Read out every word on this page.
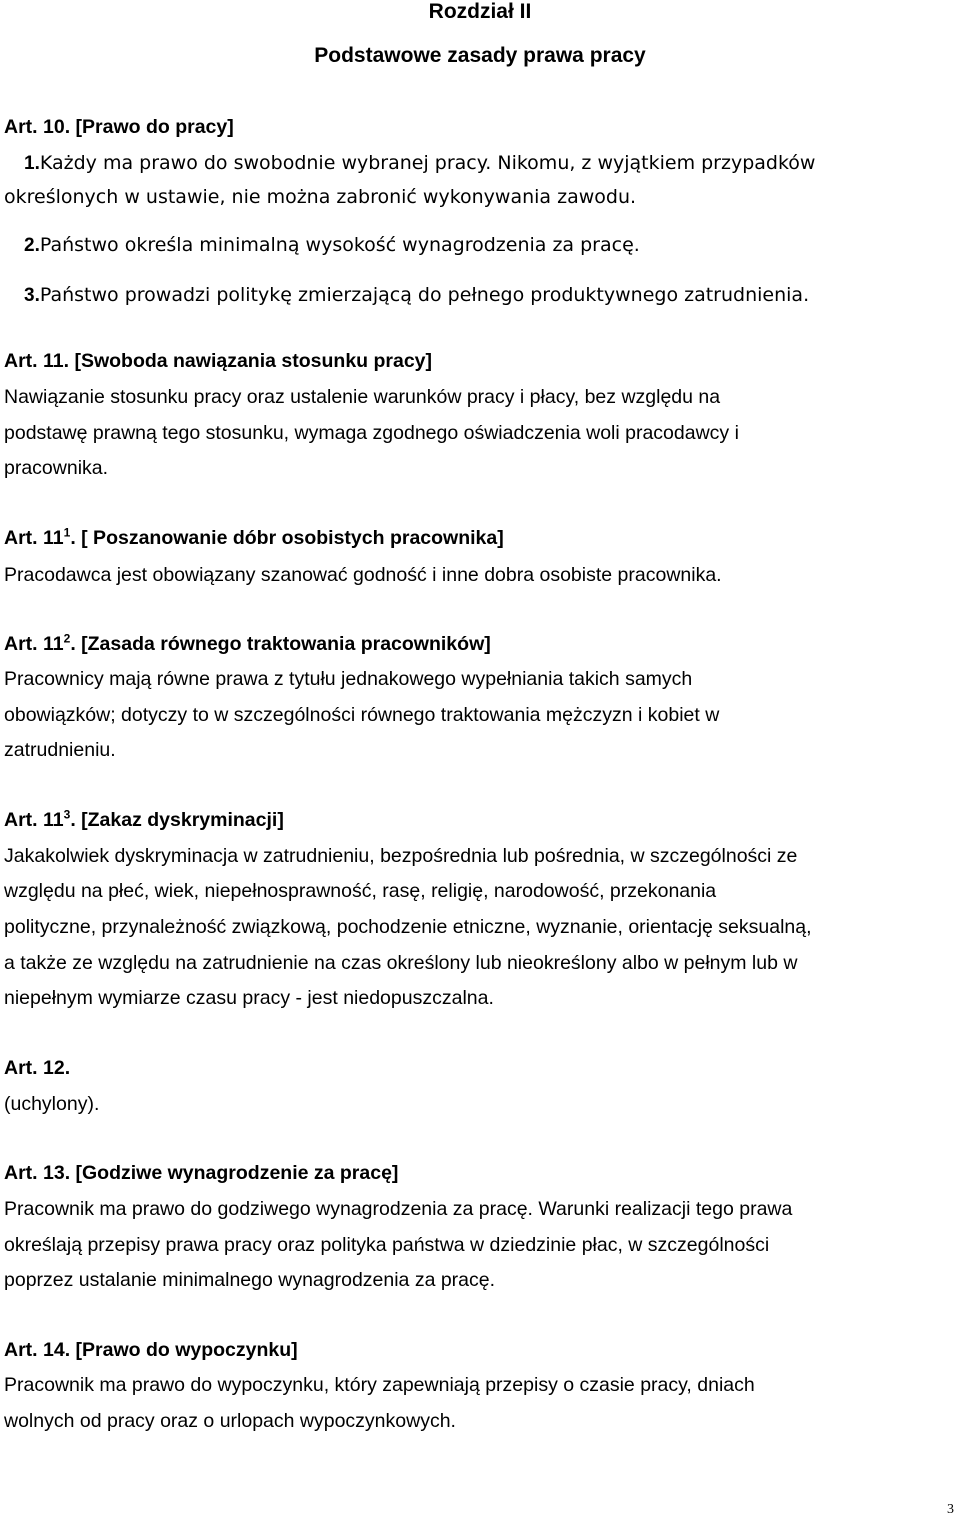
Rozdział II
Podstawowe zasady prawa pracy
Art. 10. [Prawo do pracy]
1.Każdy ma prawo do swobodnie wybranej pracy. Nikomu, z wyjątkiem przypadków
określonych w ustawie, nie można zabronić wykonywania zawodu.
2.Państwo określa minimalną wysokość wynagrodzenia za pracę.
3.Państwo prowadzi politykę zmierzającą do pełnego produktywnego zatrudnienia.
Art. 11. [Swoboda nawiązania stosunku pracy]
Nawiązanie stosunku pracy oraz ustalenie warunków pracy i płacy, bez względu na
podstawę prawną tego stosunku, wymaga zgodnego oświadczenia woli pracodawcy i
pracownika.
Art. $11^1$. [ Poszanowanie dóbr osobistych pracownika]
Pracodawca jest obowiązany szanować godność i inne dobra osobiste pracownika.
Art. $11^2$. [Zasada równego traktowania pracowników]
Pracownicy mają równe prawa z tytułu jednakowego wypełniania takich samych
obowiązków; dotyczy to w szczególności równego traktowania mężczyzn i kobiet w
zatrudnieniu.
Art. $11^3$. [Zakaz dyskryminacji]
Jakakolwiek dyskryminacja w zatrudnieniu, bezpośrednia lub pośrednia, w szczególności ze
względu na płeć, wiek, niepełnosprawność, rasę, religię, narodowość, przekonania
polityczne, przynależność związkową, pochodzenie etniczne, wyznanie, orientację seksualną,
a także ze względu na zatrudnienie na czas określony lub nieokreślony albo w pełnym lub w
niepełnym wymiarze czasu pracy - jest niedopuszczalna.
Art. 12.
(uchylony).
Art. 13. [Godziwe wynagrodzenie za pracę]
Pracownik ma prawo do godziwego wynagrodzenia za pracę. Warunki realizacji tego prawa
określają przepisy prawa pracy oraz polityka państwa w dziedzinie płac, w szczególności
poprzez ustalanie minimalnego wynagrodzenia za pracę.
Art. 14. [Prawo do wypoczynku]
Pracownik ma prawo do wypoczynku, który zapewniają przepisy o czasie pracy, dniach
wolnych od pracy oraz o urlopach wypoczynkowych.
3
